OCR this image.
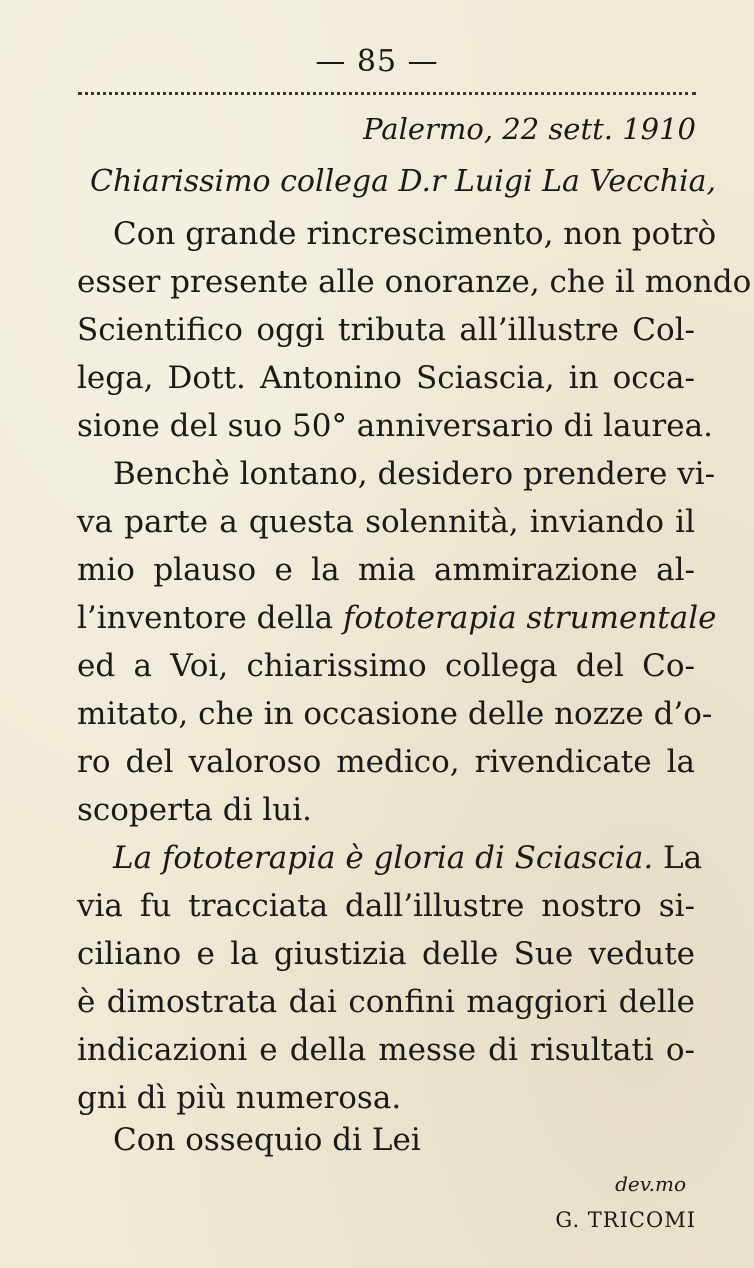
— 85 —
Palermo, 22 sett. 1910
Chiarissimo collega D.r Luigi La Vecchia,
Con grande rincrescimento, non potrò
esser presente alle onoranze, che il mondo
Scientifico oggi tributa all’illustre Col-
lega, Dott. Antonino Sciascia, in occa-
sione del suo 50° anniversario di laurea.
Benchè lontano, desidero prendere vi-
va parte a questa solennità, inviando il
mio plauso e la mia ammirazione al-
l’inventore della fototerapia strumentale
ed a Voi, chiarissimo collega del Co-
mitato, che in occasione delle nozze d’o-
ro del valoroso medico, rivendicate la
scoperta di lui.
La fototerapia è gloria di Sciascia. La
via fu tracciata dall’illustre nostro si-
ciliano e la giustizia delle Sue vedute
è dimostrata dai confini maggiori delle
indicazioni e della messe di risultati o-
gni dì più numerosa.
Con ossequio di Lei
dev.mo
G. TRICOMI
